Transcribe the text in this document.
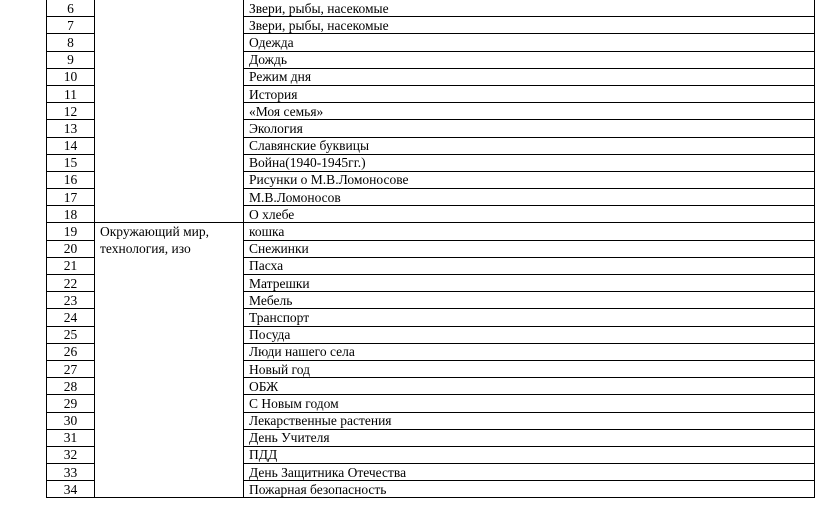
6		Звери, рыбы, насекомые
7		Звери, рыбы, насекомые
8		Одежда
9		Дождь
10		Режим дня
11		История
12		«Моя семья»
13		Экология
14		Славянские буквицы
15		Война(1940-1945гг.)
16		Рисунки о М.В.Ломоносове
17		М.В.Ломоносов
18		О хлебе
19	Окружающий мир, технология, изо	кошка
20		Снежинки
21		Пасха
22		Матрешки
23		Мебель
24		Транспорт
25		Посуда
26		Люди нашего села
27		Новый год
28		ОБЖ
29		С Новым годом
30		Лекарственные растения
31		День Учителя
32		ПДД
33		День Защитника Отечества
34		Пожарная безопасность
